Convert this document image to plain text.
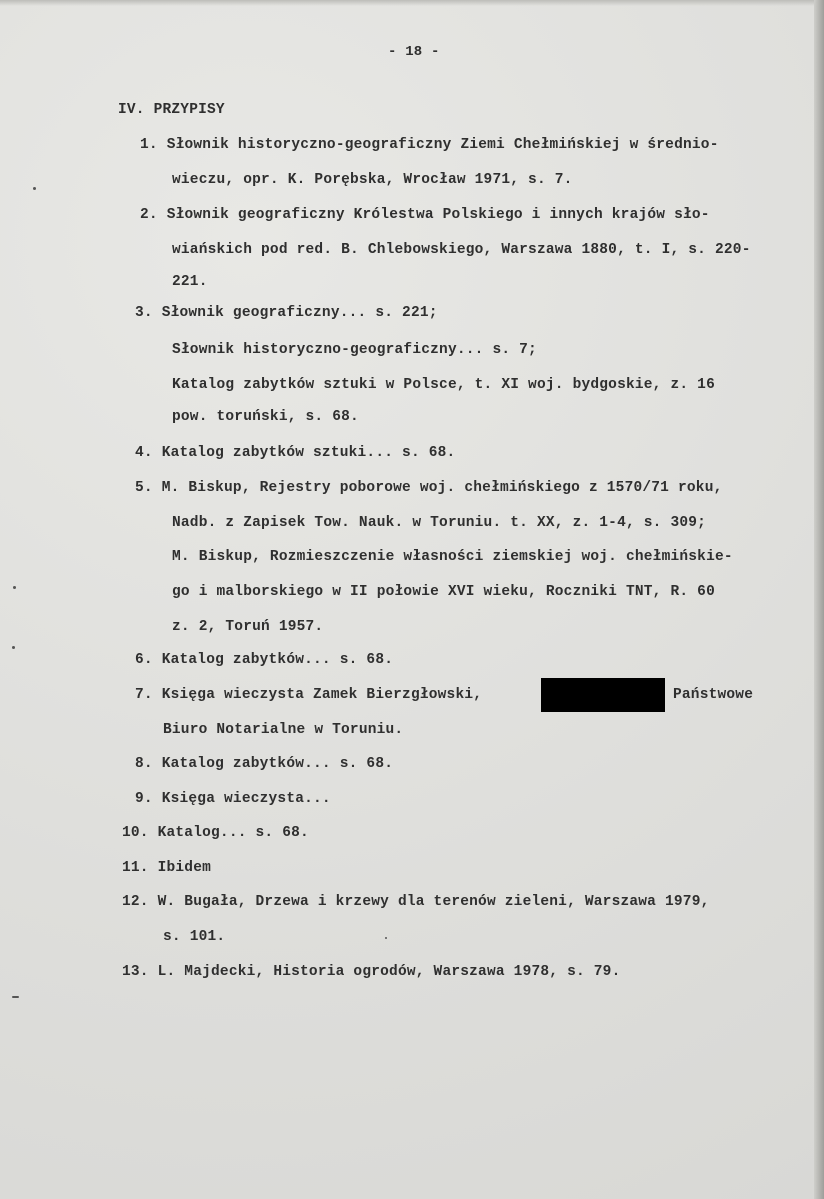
- 18 -
IV. PRZYPISY
1. Słownik historyczno-geograficzny Ziemi Chełmińskiej w średnio-
wieczu, opr. K. Porębska, Wrocław 1971, s. 7.
2. Słownik geograficzny Królestwa Polskiego i innych krajów sło-
wiańskich pod red. B. Chlebowskiego, Warszawa 1880, t. I, s. 220-
221.
3. Słownik geograficzny... s. 221;
Słownik historyczno-geograficzny... s. 7;
Katalog zabytków sztuki w Polsce, t. XI woj. bydgoskie, z. 16
pow. toruński, s. 68.
4. Katalog zabytków sztuki... s. 68.
5. M. Biskup, Rejestry poborowe woj. chełmińskiego z 1570/71 roku,
Nadb. z Zapisek Tow. Nauk. w Toruniu. t. XX, z. 1-4, s. 309;
M. Biskup, Rozmieszczenie własności ziemskiej woj. chełmińskie-
go i malborskiego w II połowie XVI wieku, Roczniki TNT, R. 60
z. 2, Toruń 1957.
6. Katalog zabytków... s. 68.
7. Księga wieczysta Zamek Bierzgłowski,	Państwowe
Biuro Notarialne w Toruniu.
8. Katalog zabytków... s. 68.
9. Księga wieczysta...
10. Katalog... s. 68.
11. Ibidem
12. W. Bugała, Drzewa i krzewy dla terenów zieleni, Warszawa 1979,
s. 101.
13. L. Majdecki, Historia ogrodów, Warszawa 1978, s. 79.
